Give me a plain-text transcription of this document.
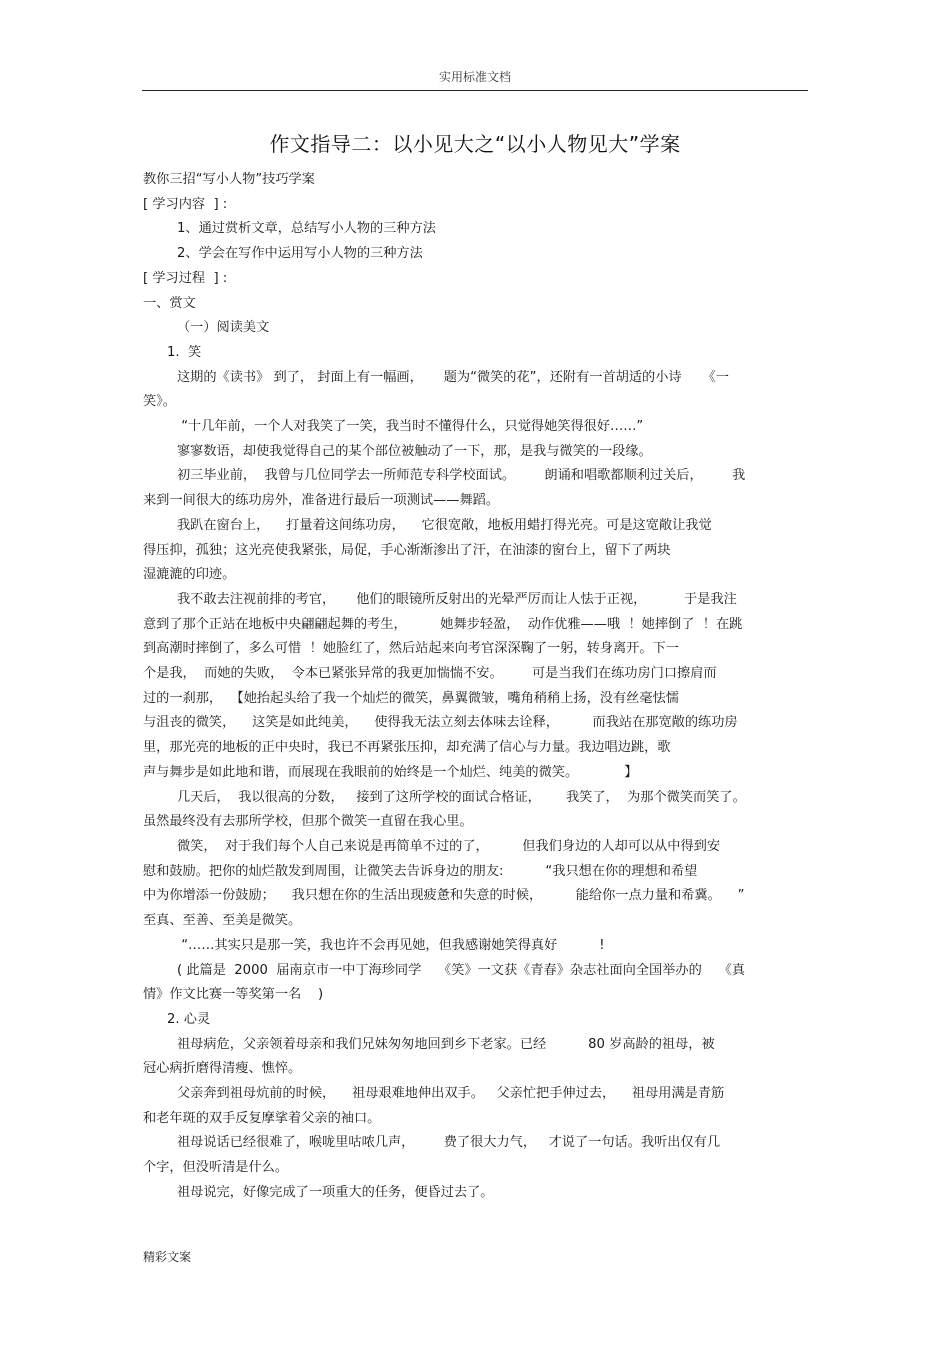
实用标准文档
作文指导二：以小见大之“以小人物见大”学案

教你三招“写小人物”技巧学案

[ 学习内容  ] :

1、通过赏析文章，总结写小人物的三种方法

2、学会在写作中运用写小人物的三种方法

[ 学习过程  ] :

一、赏文

（一）阅读美文

1.  笑

这期的《读书》 到了， 封面上有一幅画，     题为“微笑的花”，还附有一首胡适的小诗     《一

笑》。

“十几年前，一个人对我笑了一笑，我当时不懂得什么，只觉得她笑得很好……”

寥寥数语，却使我觉得自己的某个部位被触动了一下，那，是我与微笑的一段缘。

初三毕业前，  我曾与几位同学去一所师范专科学校面试。       朗诵和唱歌都顺利过关后，       我

来到一间很大的练功房外，准备进行最后一项测试——舞蹈。

我趴在窗台上，    打量着这间练功房，    它很宽敞，地板用蜡打得光亮。可是这宽敞让我觉

得压抑，孤独；这光亮使我紧张，局促，手心渐渐渗出了汗，在油漆的窗台上，留下了两块

湿漉漉的印迹。

我不敢去注视前排的考官，     他们的眼镜所反射出的光晕严厉而让人怯于正视，         于是我注

意到了那个正站在地板中央翩翩起舞的考生，        她舞步轻盈，  动作优雅——哦  ！她摔倒了  ！在跳

到高潮时摔倒了，多么可惜  ！她脸红了，然后站起来向考官深深鞠了一躬，转身离开。下一

个是我，  而她的失败，  令本已紧张异常的我更加惴惴不安。       可是当我们在练功房门口擦肩而

过的一刹那，  【她抬起头给了我一个灿烂的微笑，鼻翼微皱，嘴角稍稍上扬，没有丝毫怯懦

与沮丧的微笑，    这笑是如此纯美，    使得我无法立刻去体味去诠释，        而我站在那宽敞的练功房

里，那光亮的地板的正中央时，我已不再紧张压抑，却充满了信心与力量。我边唱边跳，歌

声与舞步是如此地和谐，而展现在我眼前的始终是一个灿烂、纯美的微笑。           】

几天后，  我以很高的分数，   接到了这所学校的面试合格证，      我笑了，  为那个微笑而笑了。

虽然最终没有去那所学校，但那个微笑一直留在我心里。

微笑，  对于我们每个人自己来说是再简单不过的了，        但我们身边的人却可以从中得到安

慰和鼓励。把你的灿烂散发到周围，让微笑去告诉身边的朋友:          “我只想在你的理想和希望

中为你增添一份鼓励；    我只想在你的生活出现疲惫和失意的时候，        能给你一点力量和希冀。    ”

至真、至善、至美是微笑。

“……其实只是那一笑，我也许不会再见她，但我感谢她笑得真好          !

( 此篇是  2000  届南京市一中丁海珍同学    《笑》一文获《青春》杂志社面向全国举办的    《真

情》作文比赛一等奖第一名    )

2. 心灵

祖母病危，父亲领着母亲和我们兄妹匆匆地回到乡下老家。已经          80 岁高龄的祖母，被

冠心病折磨得清瘦、憔悴。

父亲奔到祖母炕前的时候，    祖母艰难地伸出双手。   父亲忙把手伸过去，    祖母用满是青筋

和老年斑的双手反复摩挲着父亲的袖口。

祖母说话已经很难了，喉咙里咕哝几声，       费了很大力气，   才说了一句话。我听出仅有几

个字，但没听清是什么。

祖母说完，好像完成了一项重大的任务，便昏过去了。

精彩文案
